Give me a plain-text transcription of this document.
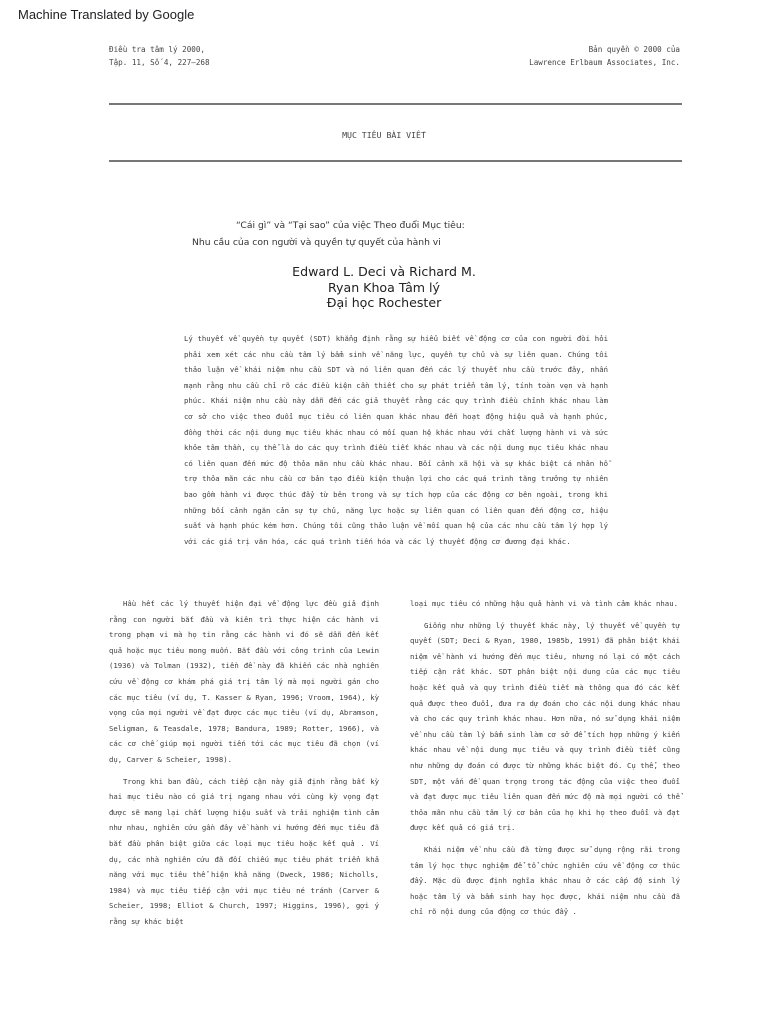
Machine Translated by Google
Điều tra tâm lý 2000,
Tập. 11, Số 4, 227–268
Bản quyền © 2000 của
Lawrence Erlbaum Associates, Inc.
MỤC TIÊU BÀI VIẾT
“Cái gì” và “Tại sao” của việc Theo đuổi Mục tiêu:
Nhu cầu của con người và quyền tự quyết của hành vi
Edward L. Deci và Richard M.
Ryan Khoa Tâm lý
Đại học Rochester
Lý thuyết về quyền tự quyết (SDT) khẳng định rằng sự hiểu biết về động cơ của con người đòi hỏi phải xem xét các nhu cầu tâm lý bẩm sinh về năng lực, quyền tự chủ và sự liên quan. Chúng tôi thảo luận về khái niệm nhu cầu SDT và nó liên quan đến các lý thuyết nhu cầu trước đây, nhấn mạnh rằng nhu cầu chỉ rõ các điều kiện cần thiết cho sự phát triển tâm lý, tính toàn vẹn và hạnh phúc. Khái niệm nhu cầu này dẫn đến các giả thuyết rằng các quy trình điều chỉnh khác nhau làm cơ sở cho việc theo đuổi mục tiêu có liên quan khác nhau đến hoạt động hiệu quả và hạnh phúc, đồng thời các nội dung mục tiêu khác nhau có mối quan hệ khác nhau với chất lượng hành vi và sức khỏe tâm thần, cụ thể là do các quy trình điều tiết khác nhau và các nội dung mục tiêu khác nhau có liên quan đến mức độ thỏa mãn nhu cầu khác nhau. Bối cảnh xã hội và sự khác biệt cá nhân hỗ trợ thỏa mãn các nhu cầu cơ bản tạo điều kiện thuận lợi cho các quá trình tăng trưởng tự nhiên bao gồm hành vi được thúc đẩy từ bên trong và sự tích hợp của các động cơ bên ngoài, trong khi những bối cảnh ngăn cản sự tự chủ, năng lực hoặc sự liên quan có liên quan đến động cơ, hiệu suất và hạnh phúc kém hơn. Chúng tôi cũng thảo luận về mối quan hệ của các nhu cầu tâm lý hợp lý với các giá trị văn hóa, các quá trình tiến hóa và các lý thuyết động cơ đương đại khác.

Hầu hết các lý thuyết hiện đại về động lực đều giả định rằng con người bắt đầu và kiên trì thực hiện các hành vi trong phạm vi mà họ tin rằng các hành vi đó sẽ dẫn đến kết quả hoặc mục tiêu mong muốn. Bắt đầu với công trình của Lewin (1936) và Tolman (1932), tiền đề này đã khiến các nhà nghiên cứu về động cơ khám phá giá trị tâm lý mà mọi người gán cho các mục tiêu (ví dụ, T. Kasser & Ryan, 1996; Vroom, 1964), kỳ vọng của mọi người về đạt được các mục tiêu (ví dụ, Abramson, Seligman, & Teasdale, 1978; Bandura, 1989; Rotter, 1966), và các cơ chế giúp mọi người tiến tới các mục tiêu đã chọn (ví dụ, Carver & Scheier, 1998).

Trong khi ban đầu, cách tiếp cận này giả định rằng bất kỳ hai mục tiêu nào có giá trị ngang nhau với cùng kỳ vọng đạt được sẽ mang lại chất lượng hiệu suất và trải nghiệm tình cảm như nhau, nghiên cứu gần đây về hành vi hướng đến mục tiêu đã bắt đầu phân biệt giữa các loại mục tiêu hoặc kết quả . Ví dụ, các nhà nghiên cứu đã đối chiếu mục tiêu phát triển khả năng với mục tiêu thể hiện khả năng (Dweck, 1986; Nicholls, 1984) và mục tiêu tiếp cận với mục tiêu né tránh (Carver & Scheier, 1998; Elliot & Church, 1997; Higgins, 1996), gợi ý rằng sự khác biệt

loại mục tiêu có những hậu quả hành vi và tình cảm khác nhau.

Giống như những lý thuyết khác này, lý thuyết về quyền tự quyết (SDT; Deci & Ryan, 1980, 1985b, 1991) đã phân biệt khái niệm về hành vi hướng đến mục tiêu, nhưng nó lại có một cách tiếp cận rất khác. SDT phân biệt nội dung của các mục tiêu hoặc kết quả và quy trình điều tiết mà thông qua đó các kết quả được theo đuổi, đưa ra dự đoán cho các nội dung khác nhau và cho các quy trình khác nhau. Hơn nữa, nó sử dụng khái niệm về nhu cầu tâm lý bẩm sinh làm cơ sở để tích hợp những ý kiến khác nhau về nội dung mục tiêu và quy trình điều tiết cũng như những dự đoán có được từ những khác biệt đó. Cụ thể, theo SDT, một vấn đề quan trọng trong tác động của việc theo đuổi và đạt được mục tiêu liên quan đến mức độ mà mọi người có thể thỏa mãn nhu cầu tâm lý cơ bản của họ khi họ theo đuổi và đạt được kết quả có giá trị.

Khái niệm về nhu cầu đã từng được sử dụng rộng rãi trong tâm lý học thực nghiệm để tổ chức nghiên cứu về động cơ thúc đẩy. Mặc dù được định nghĩa khác nhau ở các cấp độ sinh lý hoặc tâm lý và bẩm sinh hay học được, khái niệm nhu cầu đã chỉ rõ nội dung của động cơ thúc đẩy .
